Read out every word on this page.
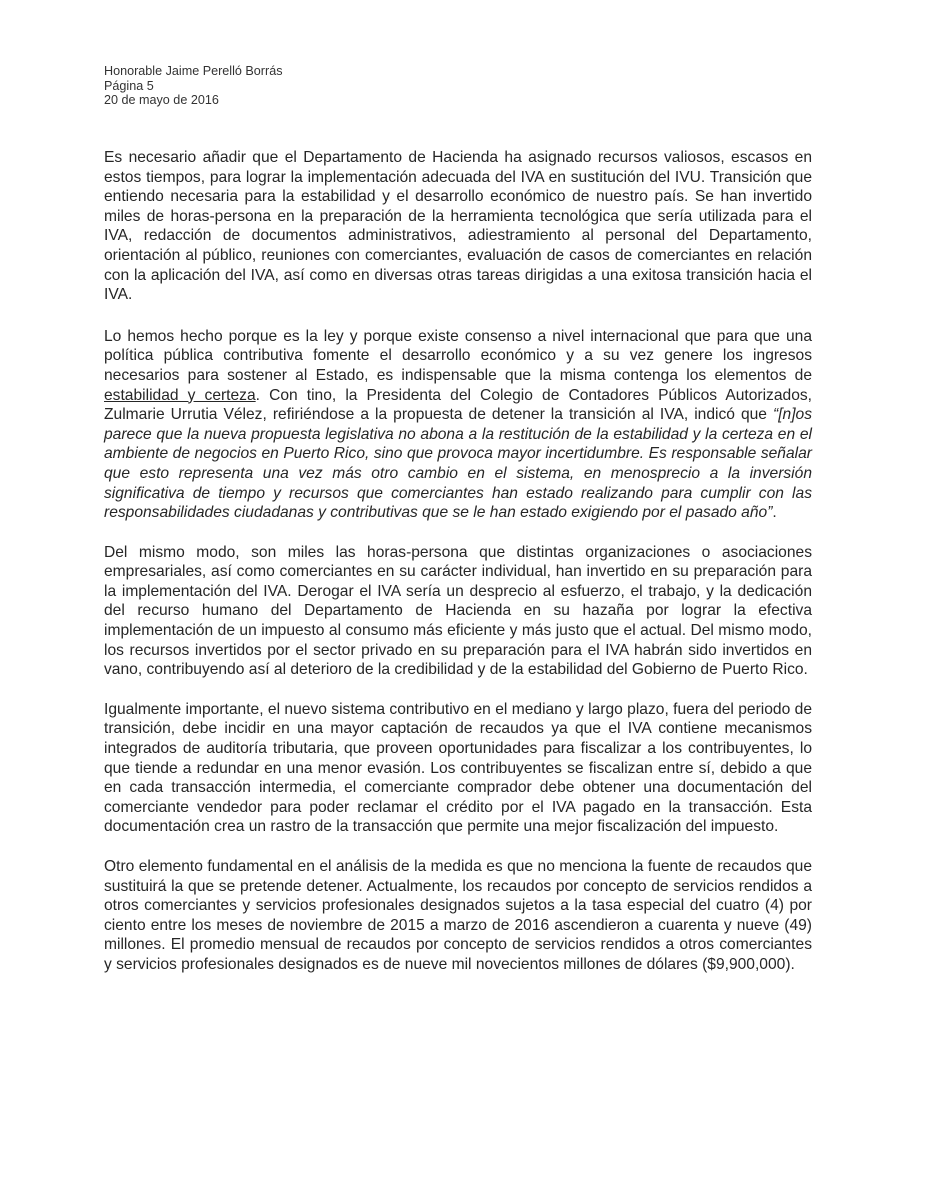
Honorable Jaime Perelló Borrás
Página 5
20 de mayo de 2016

Es necesario añadir que el Departamento de Hacienda ha asignado recursos valiosos, escasos en estos tiempos, para lograr la implementación adecuada del IVA en sustitución del IVU. Transición que entiendo necesaria para la estabilidad y el desarrollo económico de nuestro país. Se han invertido miles de horas-persona en la preparación de la herramienta tecnológica que sería utilizada para el IVA, redacción de documentos administrativos, adiestramiento al personal del Departamento, orientación al público, reuniones con comerciantes, evaluación de casos de comerciantes en relación con la aplicación del IVA, así como en diversas otras tareas dirigidas a una exitosa transición hacia el IVA.

Lo hemos hecho porque es la ley y porque existe consenso a nivel internacional que para que una política pública contributiva fomente el desarrollo económico y a su vez genere los ingresos necesarios para sostener al Estado, es indispensable que la misma contenga los elementos de estabilidad y certeza. Con tino, la Presidenta del Colegio de Contadores Públicos Autorizados, Zulmarie Urrutia Vélez, refiriéndose a la propuesta de detener la transición al IVA, indicó que “[n]os parece que la nueva propuesta legislativa no abona a la restitución de la estabilidad y la certeza en el ambiente de negocios en Puerto Rico, sino que provoca mayor incertidumbre. Es responsable señalar que esto representa una vez más otro cambio en el sistema, en menosprecio a la inversión significativa de tiempo y recursos que comerciantes han estado realizando para cumplir con las responsabilidades ciudadanas y contributivas que se le han estado exigiendo por el pasado año”.

Del mismo modo, son miles las horas-persona que distintas organizaciones o asociaciones empresariales, así como comerciantes en su carácter individual, han invertido en su preparación para la implementación del IVA. Derogar el IVA sería un desprecio al esfuerzo, el trabajo, y la dedicación del recurso humano del Departamento de Hacienda en su hazaña por lograr la efectiva implementación de un impuesto al consumo más eficiente y más justo que el actual. Del mismo modo, los recursos invertidos por el sector privado en su preparación para el IVA habrán sido invertidos en vano, contribuyendo así al deterioro de la credibilidad y de la estabilidad del Gobierno de Puerto Rico.

Igualmente importante, el nuevo sistema contributivo en el mediano y largo plazo, fuera del periodo de transición, debe incidir en una mayor captación de recaudos ya que el IVA contiene mecanismos integrados de auditoría tributaria, que proveen oportunidades para fiscalizar a los contribuyentes, lo que tiende a redundar en una menor evasión. Los contribuyentes se fiscalizan entre sí, debido a que en cada transacción intermedia, el comerciante comprador debe obtener una documentación del comerciante vendedor para poder reclamar el crédito por el IVA pagado en la transacción. Esta documentación crea un rastro de la transacción que permite una mejor fiscalización del impuesto.

Otro elemento fundamental en el análisis de la medida es que no menciona la fuente de recaudos que sustituirá la que se pretende detener. Actualmente, los recaudos por concepto de servicios rendidos a otros comerciantes y servicios profesionales designados sujetos a la tasa especial del cuatro (4) por ciento entre los meses de noviembre de 2015 a marzo de 2016 ascendieron a cuarenta y nueve (49) millones. El promedio mensual de recaudos por concepto de servicios rendidos a otros comerciantes y servicios profesionales designados es de nueve mil novecientos millones de dólares ($9,900,000).
